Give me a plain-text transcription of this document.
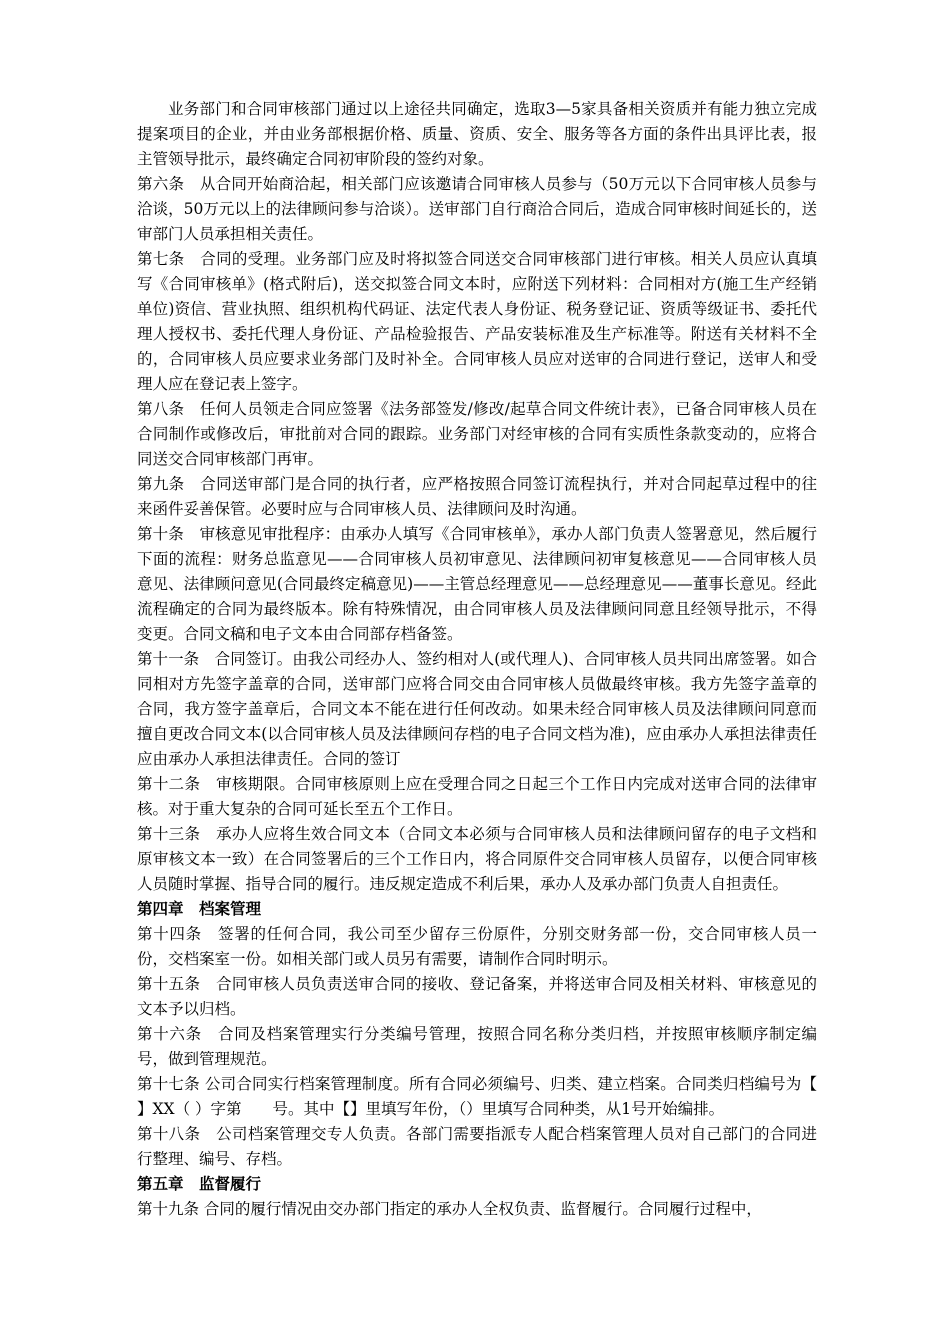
业务部门和合同审核部门通过以上途径共同确定，选取3—5家具备相关资质并有能力独立完成提案项目的企业，并由业务部根据价格、质量、资质、安全、服务等各方面的条件出具评比表，报主管领导批示，最终确定合同初审阶段的签约对象。

第六条　从合同开始商洽起，相关部门应该邀请合同审核人员参与（50万元以下合同审核人员参与洽谈，50万元以上的法律顾问参与洽谈）。送审部门自行商洽合同后，造成合同审核时间延长的，送审部门人员承担相关责任。

第七条　合同的受理。业务部门应及时将拟签合同送交合同审核部门进行审核。相关人员应认真填写《合同审核单》(格式附后)，送交拟签合同文本时，应附送下列材料：合同相对方(施工生产经销单位)资信、营业执照、组织机构代码证、法定代表人身份证、税务登记证、资质等级证书、委托代理人授权书、委托代理人身份证、产品检验报告、产品安装标准及生产标准等。附送有关材料不全的，合同审核人员应要求业务部门及时补全。合同审核人员应对送审的合同进行登记，送审人和受理人应在登记表上签字。

第八条　任何人员领走合同应签署《法务部签发/修改/起草合同文件统计表》，已备合同审核人员在合同制作或修改后，审批前对合同的跟踪。业务部门对经审核的合同有实质性条款变动的，应将合同送交合同审核部门再审。

第九条　合同送审部门是合同的执行者，应严格按照合同签订流程执行，并对合同起草过程中的往来函件妥善保管。必要时应与合同审核人员、法律顾问及时沟通。

第十条　审核意见审批程序：由承办人填写《合同审核单》，承办人部门负责人签署意见，然后履行下面的流程：财务总监意见——合同审核人员初审意见、法律顾问初审复核意见——合同审核人员意见、法律顾问意见(合同最终定稿意见)——主管总经理意见——总经理意见——董事长意见。经此流程确定的合同为最终版本。除有特殊情况，由合同审核人员及法律顾问同意且经领导批示，不得变更。合同文稿和电子文本由合同部存档备签。

第十一条　合同签订。由我公司经办人、签约相对人(或代理人)、合同审核人员共同出席签署。如合同相对方先签字盖章的合同，送审部门应将合同交由合同审核人员做最终审核。我方先签字盖章的合同，我方签字盖章后，合同文本不能在进行任何改动。如果未经合同审核人员及法律顾问同意而擅自更改合同文本(以合同审核人员及法律顾问存档的电子合同文档为准)，应由承办人承担法律责任应由承办人承担法律责任。合同的签订

第十二条　审核期限。合同审核原则上应在受理合同之日起三个工作日内完成对送审合同的法律审核。对于重大复杂的合同可延长至五个工作日。

第十三条　承办人应将生效合同文本（合同文本必须与合同审核人员和法律顾问留存的电子文档和原审核文本一致）在合同签署后的三个工作日内，将合同原件交合同审核人员留存，以便合同审核人员随时掌握、指导合同的履行。违反规定造成不利后果，承办人及承办部门负责人自担责任。

第四章　档案管理

第十四条　签署的任何合同，我公司至少留存三份原件，分别交财务部一份，交合同审核人员一份，交档案室一份。如相关部门或人员另有需要，请制作合同时明示。

第十五条　合同审核人员负责送审合同的接收、登记备案，并将送审合同及相关材料、审核意见的文本予以归档。

第十六条　合同及档案管理实行分类编号管理，按照合同名称分类归档，并按照审核顺序制定编号，做到管理规范。

第十七条 公司合同实行档案管理制度。所有合同必须编号、归类、建立档案。合同类归档编号为【　　】XX（ ）字第　　号。其中【】里填写年份，（）里填写合同种类，从1号开始编排。

第十八条　公司档案管理交专人负责。各部门需要指派专人配合档案管理人员对自己部门的合同进行整理、编号、存档。

第五章　监督履行

第十九条 合同的履行情况由交办部门指定的承办人全权负责、监督履行。合同履行过程中，
